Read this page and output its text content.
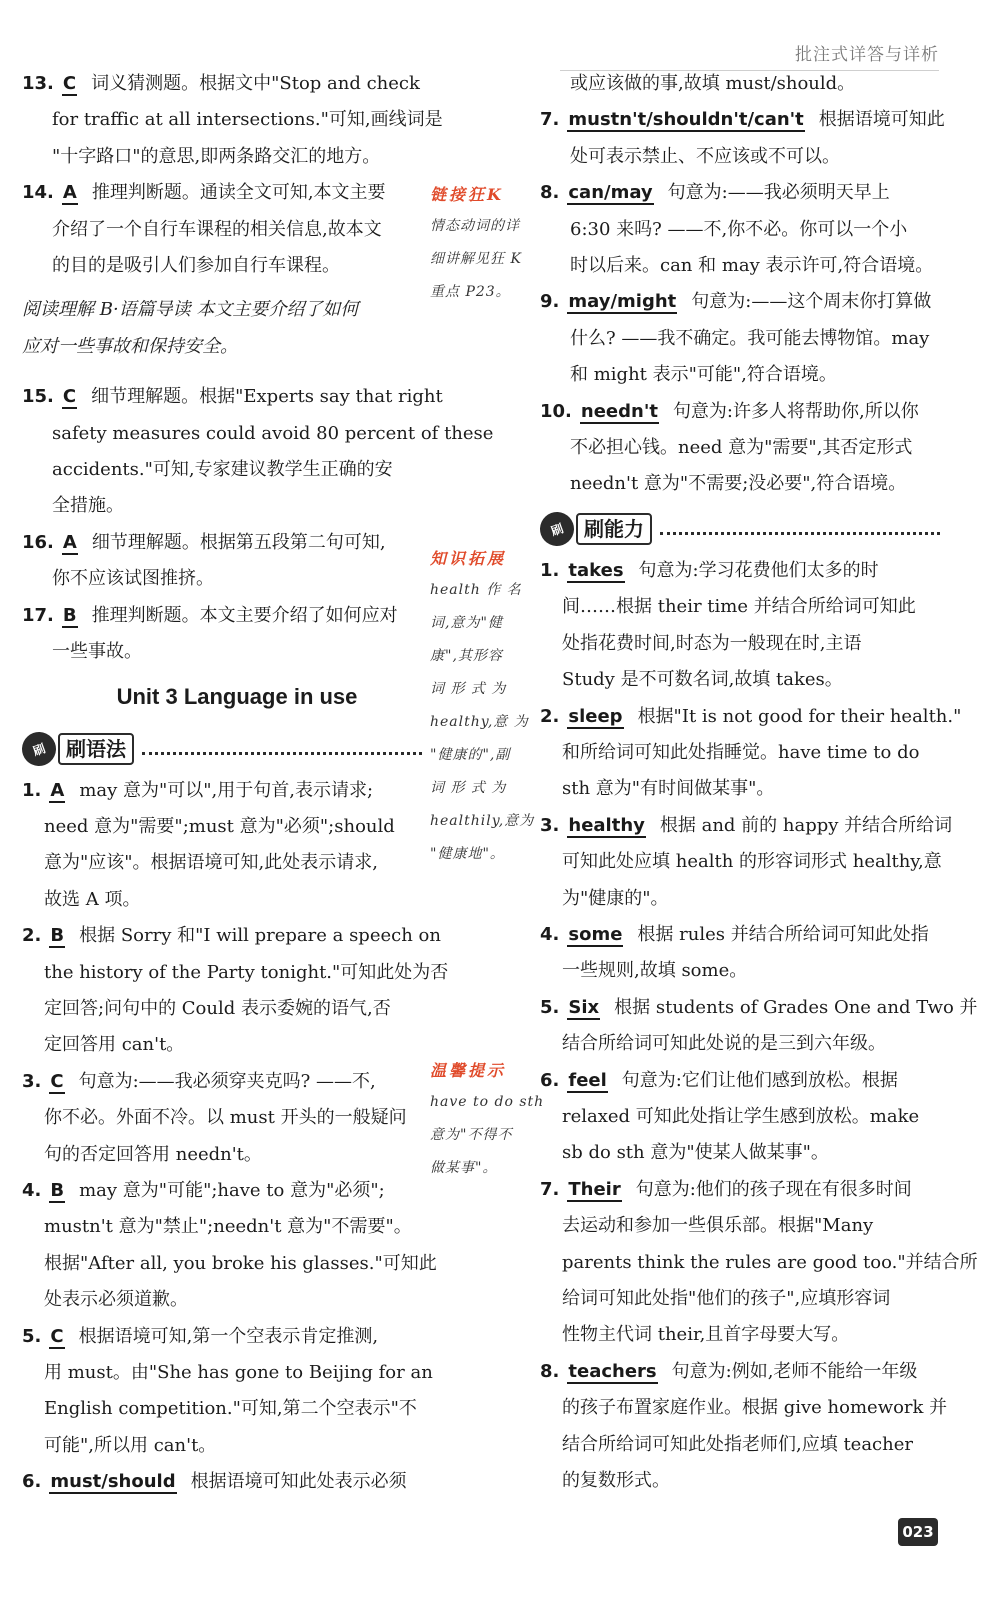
批注式详答与详析
13. C 词义猜测题。根据文中"Stop and check
for traffic at all intersections."可知,画线词是
"十字路口"的意思,即两条路交汇的地方。
14. A 推理判断题。通读全文可知,本文主要
介绍了一个自行车课程的相关信息,故本文
的目的是吸引人们参加自行车课程。
阅读理解 B·语篇导读 本文主要介绍了如何
应对一些事故和保持安全。
15. C 细节理解题。根据"Experts say that right
safety measures could avoid 80 percent of these
accidents."可知,专家建议教学生正确的安
全措施。
16. A 细节理解题。根据第五段第二句可知,
你不应该试图推挤。
17. B 推理判断题。本文主要介绍了如何应对
一些事故。
Unit 3 Language in use
刷 刷语法
1. A may 意为"可以",用于句首,表示请求;
need 意为"需要";must 意为"必须";should
意为"应该"。根据语境可知,此处表示请求,
故选 A 项。
2. B 根据 Sorry 和"I will prepare a speech on
the history of the Party tonight."可知此处为否
定回答;问句中的 Could 表示委婉的语气,否
定回答用 can't。
3. C 句意为:——我必须穿夹克吗? ——不,
你不必。外面不冷。以 must 开头的一般疑问
句的否定回答用 needn't。
4. B may 意为"可能";have to 意为"必须";
mustn't 意为"禁止";needn't 意为"不需要"。
根据"After all, you broke his glasses."可知此
处表示必须道歉。
5. C 根据语境可知,第一个空表示肯定推测,
用 must。由"She has gone to Beijing for an
English competition."可知,第二个空表示"不
可能",所以用 can't。
6. must/should 根据语境可知此处表示必须
链接狂K
情态动词的详
细讲解见狂 K
重点 P23。
知识拓展
health 作 名
词,意为"健
康",其形容
词 形 式 为
healthy,意 为
"健康的",副
词 形 式 为
healthily,意为
"健康地"。
温馨提示
have to do sth
意为"不得不
做某事"。
或应该做的事,故填 must/should。
7. mustn't/shouldn't/can't 根据语境可知此
处可表示禁止、不应该或不可以。
8. can/may 句意为:——我必须明天早上
6:30 来吗? ——不,你不必。你可以一个小
时以后来。can 和 may 表示许可,符合语境。
9. may/might 句意为:——这个周末你打算做
什么? ——我不确定。我可能去博物馆。may
和 might 表示"可能",符合语境。
10. needn't 句意为:许多人将帮助你,所以你
不必担心钱。need 意为"需要",其否定形式
needn't 意为"不需要;没必要",符合语境。
刷 刷能力
1. takes 句意为:学习花费他们太多的时
间……根据 their time 并结合所给词可知此
处指花费时间,时态为一般现在时,主语
Study 是不可数名词,故填 takes。
2. sleep 根据"It is not good for their health."
和所给词可知此处指睡觉。have time to do
sth 意为"有时间做某事"。
3. healthy 根据 and 前的 happy 并结合所给词
可知此处应填 health 的形容词形式 healthy,意
为"健康的"。
4. some 根据 rules 并结合所给词可知此处指
一些规则,故填 some。
5. Six 根据 students of Grades One and Two 并
结合所给词可知此处说的是三到六年级。
6. feel 句意为:它们让他们感到放松。根据
relaxed 可知此处指让学生感到放松。make
sb do sth 意为"使某人做某事"。
7. Their 句意为:他们的孩子现在有很多时间
去运动和参加一些俱乐部。根据"Many
parents think the rules are good too."并结合所
给词可知此处指"他们的孩子",应填形容词
性物主代词 their,且首字母要大写。
8. teachers 句意为:例如,老师不能给一年级
的孩子布置家庭作业。根据 give homework 并
结合所给词可知此处指老师们,应填 teacher
的复数形式。
023
